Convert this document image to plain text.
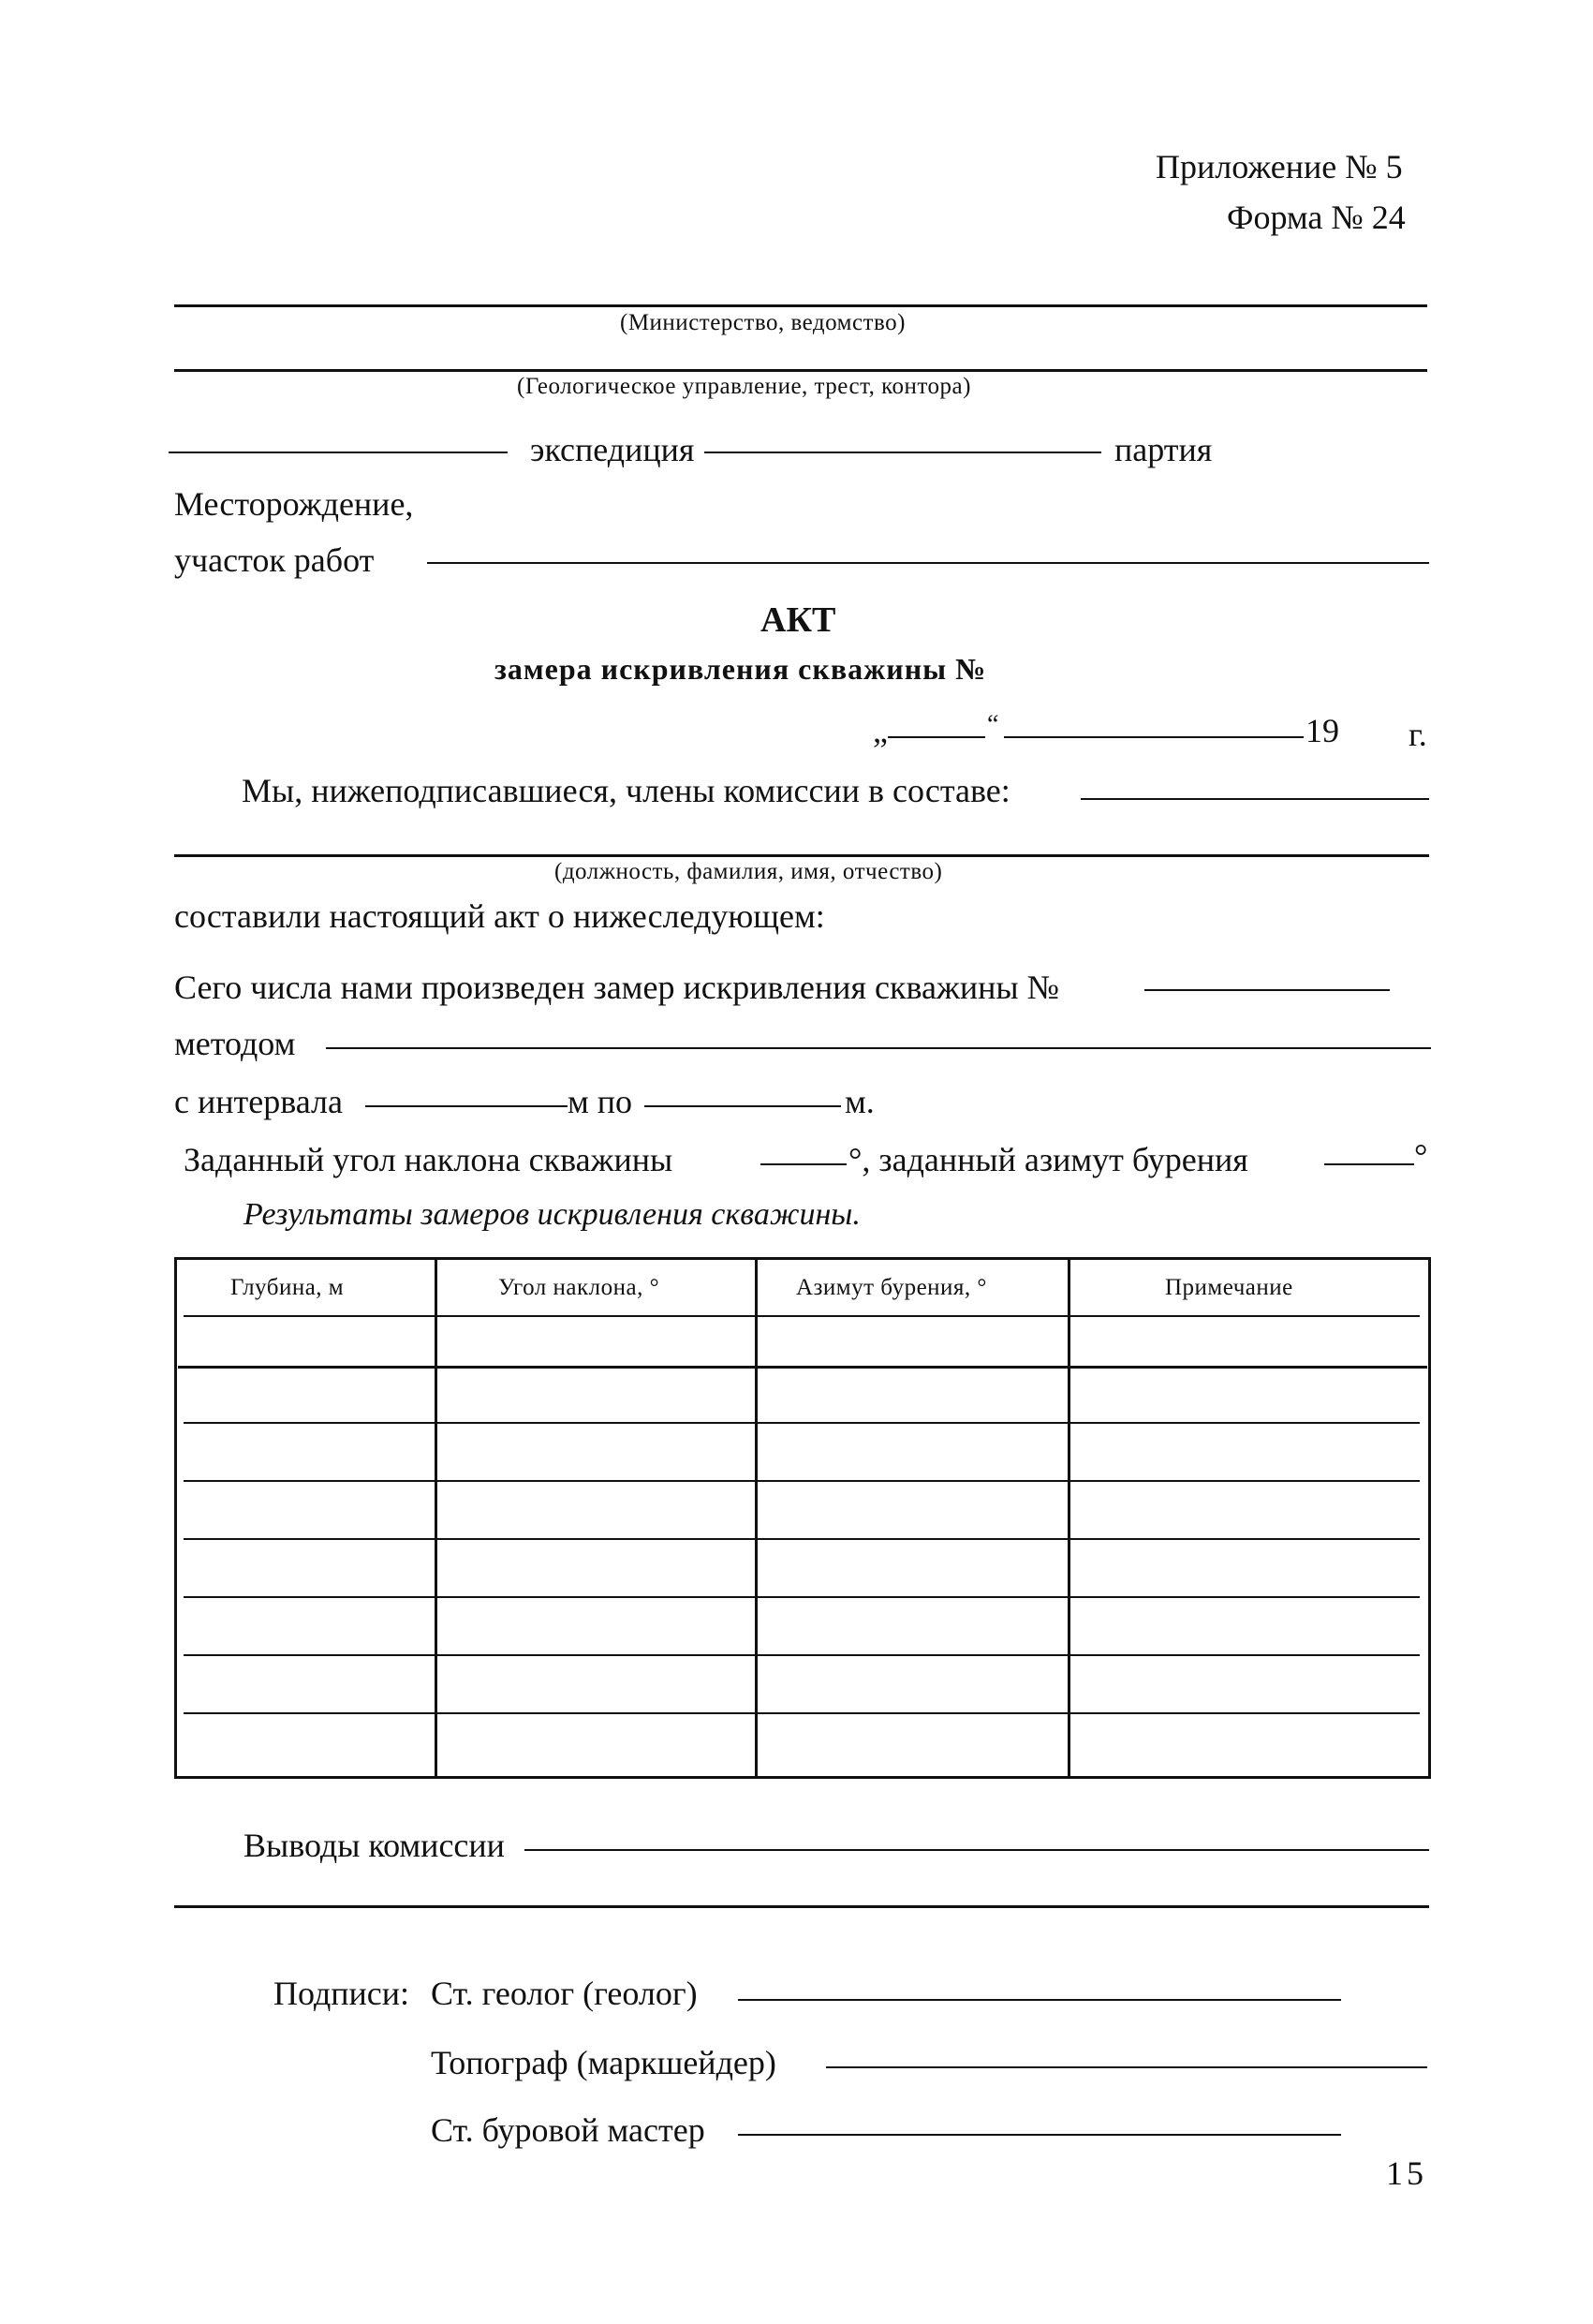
Приложение № 5
Форма № 24
(Министерство, ведомство)
(Геологическое управление, трест, контора)
экспедиция	партия
Месторождение,
участок работ
АКТ
замера искривления скважины №
„	“	19 г.
Мы, нижеподписавшиеся, члены комиссии в составе:
(должность, фамилия, имя, отчество)
составили настоящий акт о нижеследующем:
Сего числа нами произведен замер искривления скважины №
методом
с интервала	м по	м.
Заданный угол наклона скважины	°, заданный азимут бурения	°
Результаты замеров искривления скважины.
Глубина, м	Угол наклона, °	Азимут бурения, °	Примечание
Выводы комиссии
Подписи: Ст. геолог (геолог)
Топограф (маркшейдер)
Ст. буровой мастер
15
